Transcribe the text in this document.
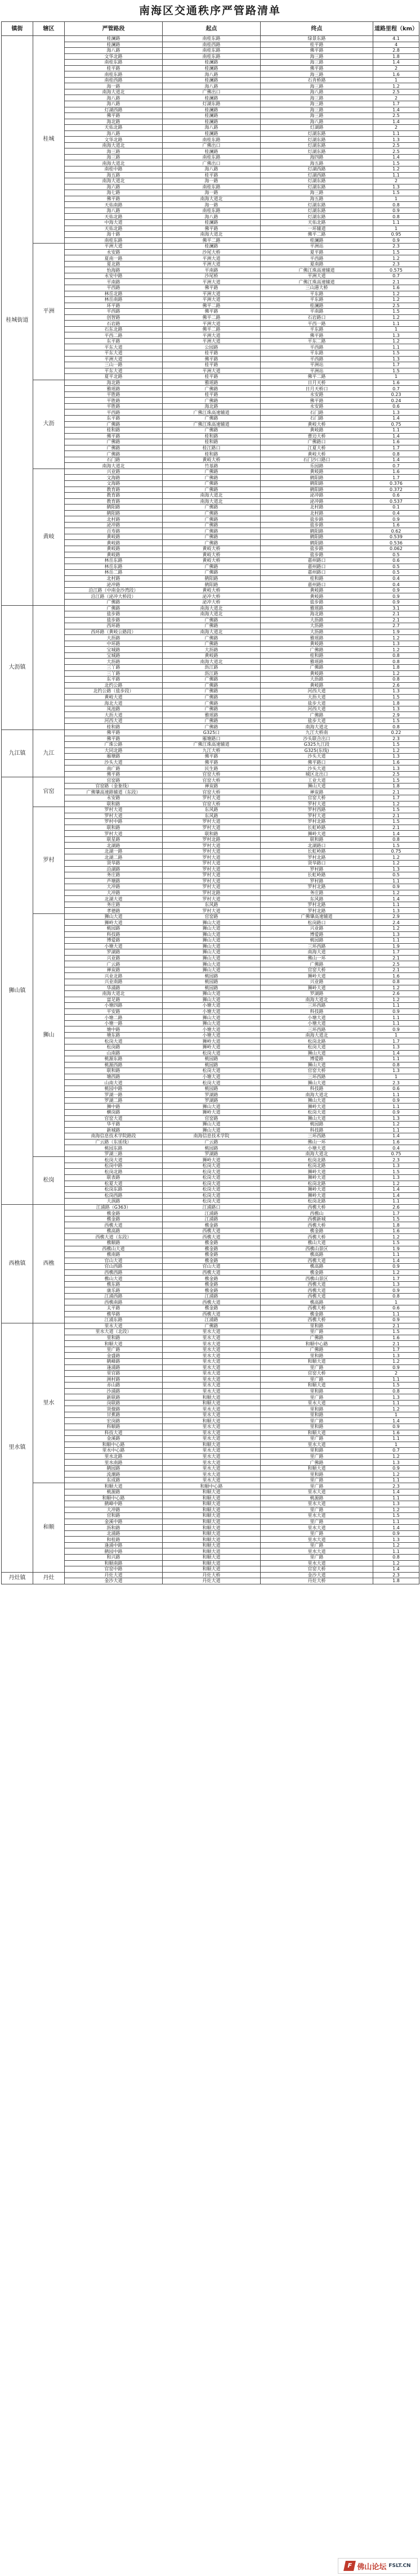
南海区交通秩序严管路清单
镇街	辖区	严管路段	起点	终点	道路里程（km）
桂城街道	桂城	桂澜路	南桂东路	绿景东路	4.1
		桂澜路	南桂西路	桂平路	4
		海八路	南桂东路	佛平路	2.8
		文华北路	南桂东路	海三路	1.8
		南桂东路	桂澜路	海三路	1.4
		桂平路	桂澜路	佛平路	2
		南桂东路	海八路	海三路	1.6
		南桂西路	桂澜路	石肯桥路	1
		海一路	海八路	海三路	1.2
		南海大道北	广佛出口	海八路	2.5
		海八路	桂澜路	海三路	2
		海八路	灯湖东路	海三路	1.7
		灯湖西路	桂澜路	海三路	1.4
		佛平路	桂澜路	海三路	2.5
		海北路	桂澜路	海八路	1.4
		天佑北路	海八路	灯湖路	2
		海八路	桂澜路	灯湖东路	1.1
		文华北路	南桂东路	灯湖东路	1.3
		南海大道北	广佛出口	灯湖东路	2.5
		海三路	桂澜路	灯湖东路	2.5
		海三路	南桂东路	海四路	1.4
		南海大道北	广佛出口	海五路	1.5
		南桂中路	海八路	灯湖西路	1.2
		海五路	桂平路	灯湖西路	1.1
		南海大道北	海一路	灯湖东路	2
		海六路	南桂东路	灯湖东路	1.3
		海七路	海一路	海三路	1.5
		佛平路	南海大道北	海五路	1
		天佑南路	海一路	灯湖东路	0.8
		海八路	南桂东路	灯湖东路	0.9
		天佑北路	海八路	灯湖东路	0.8
		中海大道	桂澜路	天佑北路	1.1
		天佑北路	佛平路	一环辅道	1
		海十路	南海大道北	佛平二路	0.95
		南桂东路	佛平二路	桂澜路	0.9
	平洲	平洲大道	桂澜路	平洲站	2.3
		永安路	沙尾大桥	夏平路	1.5
		夏南一路	平洲大道	平西路	1.2
		夏北路	平洲大道	夏南路	2.3
		怡海路	平南路	广佛江珠高速辅道	0.575
		永安中路	沙尾桥	平洲大道	0.7
		平南路	平洲大道	广佛江珠高速辅道	2.1
		平西路	佛平路	三山港大桥	1.6
		林岳北路	平洲大道	平东路	1.2
		林岳南路	平洲大道	平东路	1.2
		环平路	佛平二路	桂澜路	2.5
		平西路	佛平路	平南路	1.5
		创智路	佛平二路	石岩路口	1.2
		石岩路	平洲大道	平西一路	1.1
		石东北路	佛平二路	平东路	1
		平西二路	平洲大道	佛平路	1.3
		东平路	平洲大道	平东二路	1.2
		平东大道	公园路	平西路	1.1
		平东大道	桂平路	平东路	1.5
		平洲大道	佛平路	平西路	1.3
		三山一路	桂平路	平洲站	1.7
		平东大道	平洲大道	平洲站	1.5
		夏平北路	桂平路	佛平二路	1
	大沥	海北路	雅瑶路	日月天桥	1.6
		雅瑶路	广佛路	日月天桥口	0.7
		平胜路	桂平路	永安路	0.23
		平胜路	广佛路	佛平路	0.24
		平胜路	海北路	永安路	0.6
		平西路	广佛江珠高速辅道	石门路	1.3
		东平路	广佛路	石门路	1.4
		广佛路	广佛江珠高速辅道	黄岐大桥	0.75
		桂和路	广佛路	黄岐路	1.1
		佛平路	桂和路	曹边大桥	1.4
		广佛路	桂和路	广佛路口	1.6
		广佛路	桂江路口	江夏大桥	1.7
		广佛路	桂和路	黄岐大桥	0.8
		石门路	黄岐大桥	石门沙口路口	1.4
		南海大道北	竹基路	乐园路	0.7
	黄岐	兴业路	广佛路	黄岐路	1.6
		文海路	广佛路	鹤阳路	1.7
		文海路	广佛路	鹤阳路	0.376
		教育路	广佛路	鹤阳路	0.372
		教育路	南海大道北	泌冲路	0.6
		教育路	南海大道北	泌冲路	0.537
		鹤阳路	广佛路	北村路	0.1
		鹤阳路	广佛路	北村路	0.4
		北村路	广佛路	盐步路	0.9
		泌冲路	广佛路	盐步路	1.6
		百寿路	广佛路	鹤阳路	0.62
		黄岐路	广佛路	鹤阳路	0.539
		黄岐路	广佛路	鹤阳路	0.536
		黄岐路	黄岐大桥	盐步路	0.062
		黄岐路	黄岐大桥	盐步路	0.5
		林岳东路	黄岐大桥	嘉州路口	0.6
		林岳东路	广佛路	嘉州路口	0.5
		林岳二路	广佛路	嘉州路口	0.5
		北村路	鹤阳路	桂和路	0.4
		泌冲路	鹤阳路	嘉州路口	0.4
		沿江路（中南金沙湾段）	黄岐大桥	黄岐路	0.9
		沿江路（泌冲大桥段）	泌冲大桥	黄岐路	0.9
		广佛路	泌冲大桥	盐步路	0.9
大沥镇		广佛路	南海大道北	雅瑶路	3.1
		盐步路	南海大道北	海北路	2.1
		盐步路	广佛路	大沥路	2.1
		西环路	广佛路	大沥路	2.7
		西环路（黄岐公路段）	南海大道北	大沥路	1.9
		大沥路	广佛路	雅瑶路	1.2
		中环路	广佛路	黄岐路	1.3
		宝城路	大沥路	广佛路	1.2
		宝城路	黄岐路	桂和路	0.8
		大沥路	南海大道北	雅瑶路	0.8
		三丫路	沥江路	广佛路	1.8
		三丫路	沥江路	黄岐路	1.2
		东平路	广佛路	大沥路	0.8
		北约公路	广佛路	黄岐路	2.6
		北约公路（盐步段）	广佛路	河西大道	1.3
		黄岐大道	广佛路	大沥大道	1.5
		海北大道	广佛路	盐步大道	1.8
		凤池路	广佛路	河西大道	1.3
		大沥大道	雅瑶路	广佛路	2.9
		河西大道	广佛路	盐步大道	1.5
		桂和路	广佛路	南海大道北	0.8
九江镇	九江	佛平路	G325口	九江大桥南	0.22
		佛平路	雁塘路口	沙头联合出口	2.3
		广珠公路	广佛江珠高速辅道	G325九江段	1.5
		大同北路	九江大桥	G325(东线)	1.2
		雁塘路	佛平路	沙头大道	1.3
		沙头大道	佛平路	佛平路口	1.6
		南广路	民生路	沙头大道	1.3
		佛平路	官窑大桥	城区北出口	2.5
狮山镇	官窑	官窑路	官窑大桥	工业大道	1.5
		官窑路（金象线）	禅炭路	狮山大道	1.8
		广佛肇高速路辅道（东段）	官窑大桥	禅炭路	2.1
		永安路	罗村大道	官窑大桥	1.7
		联和路	官窑大桥	罗村大道	1.2
	罗村	罗村大道	东风路	罗村西路	1.5
		罗村大道	东风路	罗村大道	2.1
		罗村中路	罗村大道	罗村北路	1.5
		联和路	罗村大道	长虹岭路	2.1
		罗村大道	联和路	狮岭大道	1.4
		联星路	罗村北路	联和路	0.8
		北湖路	罗村大道	北湖路口	1.5
		北湖一路	罗村大道	长虹岭路	0.75
		北湖二路	罗村大道	罗村北路	1.2
		贤华路	罗村大道	贤华路口	1.2
		沿湖路	罗村大道	罗村路	1.3
		务庄路	罗村大道	长虹岭路	0.5
		芦塘路	罗村大道	罗村路	1.1
		大冲路	罗村大道	罗村北路	0.9
		大冲路	罗村北路	务庄路	1.2
		北湖大道	罗村大道	东风路	1.4
		务庄路	东风路	罗村北路	1.1
		孝德路	罗村大道	罗村北路	1.3
	狮山	狮山大道	官窑路	广佛肇高速辅道	2.9
		狮岭大道	狮山大道	松岗路口	2.4
		桃园路	狮山大道	兴业路	1.2
		科技路	狮山大道	博爱路	1.3
		博爱路	狮山大道	桃园路	1.1
		小塘大道	狮山大道	三环西路	1.9
		罗湖路	狮山大道	南海大道	1.7
		兴业路	狮山大道	佛山一环	2.1
		广云路	狮山大道	广佛路	2.5
		禅炭路	狮山大道	官窑大桥	2.1
		兴业北路	桃园路	狮岭大道	1.6
		兴业南路	桃园路	兴业路	0.8
		华涌路	桃园路	狮岭大道	1.2
		南海大道北	狮山大道	罗湖路	2.6
		富足路	狮山大道	南海大道北	1.2
		小塘四路	小塘大道	三环西路	1.1
		平安路	小塘大道	科技路	0.9
		小塘二路	狮山大道	小塘大道	1.1
		小塘一路	狮山大道	小塘大道	1.1
		塘中路	小塘大道	三环西路	0.9
		塘东路	小塘大道	南海大道北	1
		松岗大道	狮岭大道	松岗北路	1.7
		松岗路	狮岭大道	松岗大道	1.3
		山南路	松岗大道	狮山大道	1.4
		桃源东路	桃园路	博爱路	1.1
		桃源西路	桃园路	狮山大道	0.8
		联和路	松岗大道	官窑大桥	1.3
		塘西路	小塘大道	三环西路	1
		山南大道	松岗大道	狮山大道	2.3
		桃园中路	桃园路	科技路	0.6
		罗湖一路	罗湖路	南海大道北	1.1
		罗湖二路	罗湖路	狮山大道	0.9
		狮中路	狮山大道	狮岭大道	1.1
		横岗路	狮岭大道	松岗大道	0.9
		官窑大道	官窑路	狮山大道	1.3
		华平路	狮山大道	桃园路	1.2
		新城路	狮山大道	科技路	1.1
		南海信息技术学院路段	南海信息技术学院	三环西路	1.4
		广云路（东延线）	广云路	佛山一环	1.6
		桃园东路	桃园路	小塘大道	0.4
		罗湖三路	罗湖路	南海大道北	0.75
	松岗	松岗大道	狮岭大道	松岗北路	2.3
		松岗中路	松岗大道	松岗北路	1.3
		松岗北路	松岗大道	狮岭大道	1.5
		联表路	松岗大道	狮岭大道	1.3
		松夏大道	松岗大道	松岗北路	1.2
		松岗东路	松岗大道	狮岭大道	1.4
		松岗西路	松岗大道	狮岭大道	1.4
		大涡路	松岗大道	松岗北路	1.1
西樵镇	西樵	江浦路（G363）	江浦路口	西樵大桥	2.6
		樵金路	江浦路	西樵山	1.7
		樵金路	江浦路	西樵新城	1.5
		西樵大道	樵金路	西樵大桥	1.8
		樵高路	西樵大道	樵金路	1.6
		西樵大道（东段）	西樵大道	西樵大桥	1.2
		樵顺路	樵金路	樵山大道	1.5
		西樵山大道	樵金路	西樵山景区	1.9
		樵南路	樵金路	樵高路	1.1
		官山大道	樵金路	西樵大道	1.4
		官山西路	官山大道	樵高路	0.9
		西樵西路	西樵大道	樵金路	1.2
		樵山大道	樵金路	西樵山景区	1.7
		樵东路	樵金路	西樵大道	1.3
		康乐路	樵金路	西樵大道	0.9
		江浦西路	江浦路	西樵大道	0.8
		西樵南路	西樵大道	樵高路	1
		太平路	樵金路	西樵大桥	0.6
		樵华路	西樵大道	樵金路	1.1
		江浦东路	江浦路	西樵大桥	0.9
里水镇	里水	里水大道	广佛路	里和路	2.1
		里水大道（北段）	里水大道	里广路	1.5
		里和路	里水大道	广佛路	1.6
		和顺大道	里水大道	和顺中心路	2.1
		里广路	里水大道	广佛路	1.7
		金盛路	里水大道	里和路	1.3
		鹤峰路	里水大道	和顺大道	1.2
		逢涌路	里水大道	里广路	0.9
		里官路	里水大道	官窑大桥	2
		洲村路	里水大道	里广路	1.1
		赤山路	里水大道	和顺大道	1.5
		沙涌路	里水大道	里和路	0.8
		新联路	和顺大道	里广路	1.3
		岗联路	和顺大道	里水大道	1.1
		贤僚路	里水大道	里和路	1.2
		甘蕉路	里水大道	里和路	1
		宏岗路	和顺大道	里广路	1.4
		科顺路	里水大道	里和路	0.9
		科技大道	里水大道	和顺大道	1.6
		金溪路	里水大道	里广路	1.1
		和顺中心路	和顺大道	里水大道	1
		里水中心路	里水大道	里和路	0.7
		里水北路	里水大道	里广路	1.2
		里水南路	里水大道	广佛路	1.3
		鹤园路	里水大道	和顺大道	0.9
		流潮路	里水大道	里和路	1.2
		东成路	里水大道	里广路	1.1
	和顺	和顺大道	和顺中心路	里广路	2.3
		桃源路	和顺大道	里水大道	1.4
		和顺中心路	和顺大道	桃源路	1.1
		鹤峰中路	和顺大道	里水大道	1.3
		大冲路	和顺大道	里广路	1.2
		官和路	和顺大道	里水大道	1.5
		金溪中路	和顺大道	里广路	1.1
		沥和路	和顺大道	里水大道	1.4
		北涌路	和顺大道	里广路	0.9
		和桂路	和顺大道	里水大道	1.3
		逢涌中路	和顺大道	里广路	1.2
		鹤园中路	和顺大道	里水大道	1.1
		和兴路	和顺大道	里广路	0.8
		和顺南路	和顺大道	里水大道	1.2
		官窑中路	和顺大道	官窑大桥	1.4
丹灶镇	丹灶	丹灶大道	丹灶大桥	金沙大道	2.3
		金沙大道	丹灶大道	丹灶大桥	1.8
F 佛山论坛 FSLT.CN
